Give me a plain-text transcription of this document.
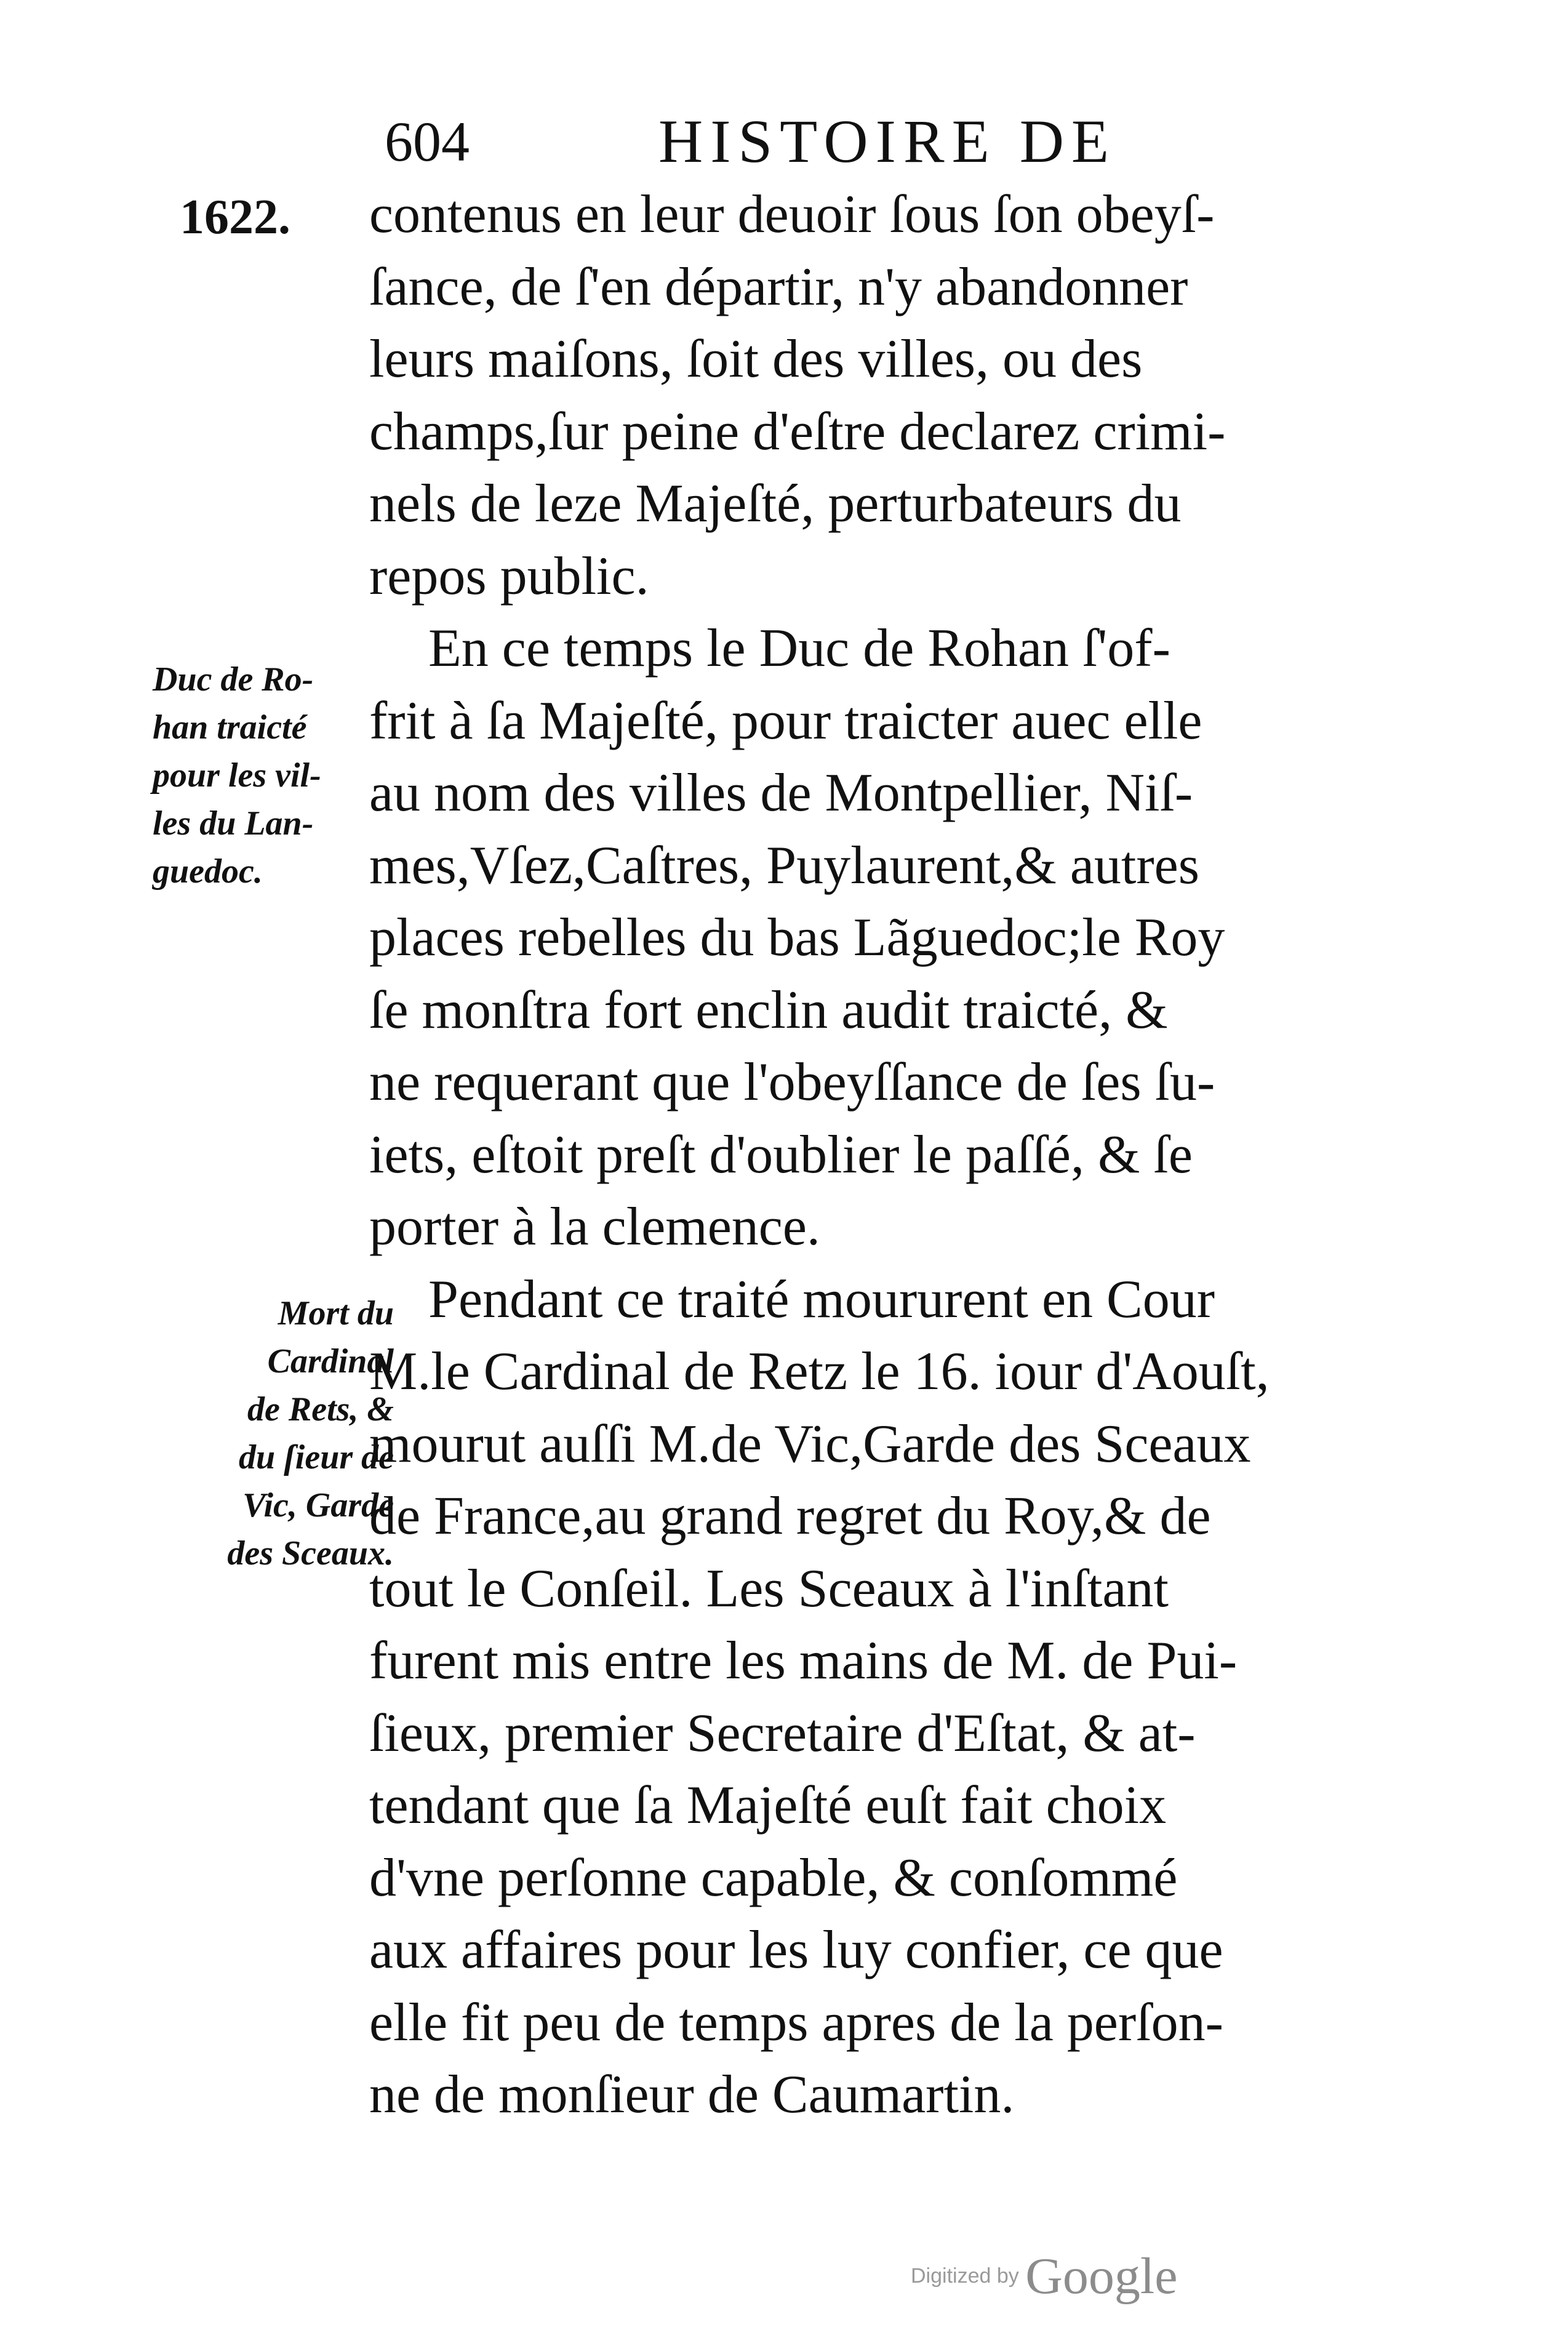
604	HISTOIRE DE
1622. contenus en leur deuoir ſous ſon obeyſ-
ſance, de ſ'en départir, n'y abandonner
leurs maiſons, ſoit des villes, ou des
champs,ſur peine d'eſtre declarez crimi-
nels de leze Majeſté, perturbateurs du
repos public.
En ce temps le Duc de Rohan ſ'of-
frit à ſa Majeſté, pour traicter auec elle
au nom des villes de Montpellier, Niſ-
mes,Vſez,Caſtres, Puylaurent,& autres
places rebelles du bas Lãguedoc;le Roy
ſe monſtra fort enclin audit traicté, &
ne requerant que l'obeyſſance de ſes ſu-
iets, eſtoit preſt d'oublier le paſſé, & ſe
porter à la clemence.
Pendant ce traité moururent en Cour
M.le Cardinal de Retz le 16. iour d'Aouſt,
mourut auſſi M.de Vic,Garde des Sceaux
de France,au grand regret du Roy,& de
tout le Conſeil. Les Sceaux à l'inſtant
furent mis entre les mains de M. de Pui-
ſieux, premier Secretaire d'Eſtat, & at-
tendant que ſa Majeſté euſt fait choix
d'vne perſonne capable, & conſommé
aux affaires pour les luy confier, ce que
elle fit peu de temps apres de la perſon-
ne de monſieur de Caumartin.
Duc de Ro-
han traicté
pour les vil-
les du Lan-
guedoc.
Mort du
Cardinal
de Rets, &
du ſieur de
Vic, Garde
des Sceaux.
Digitized by Google
